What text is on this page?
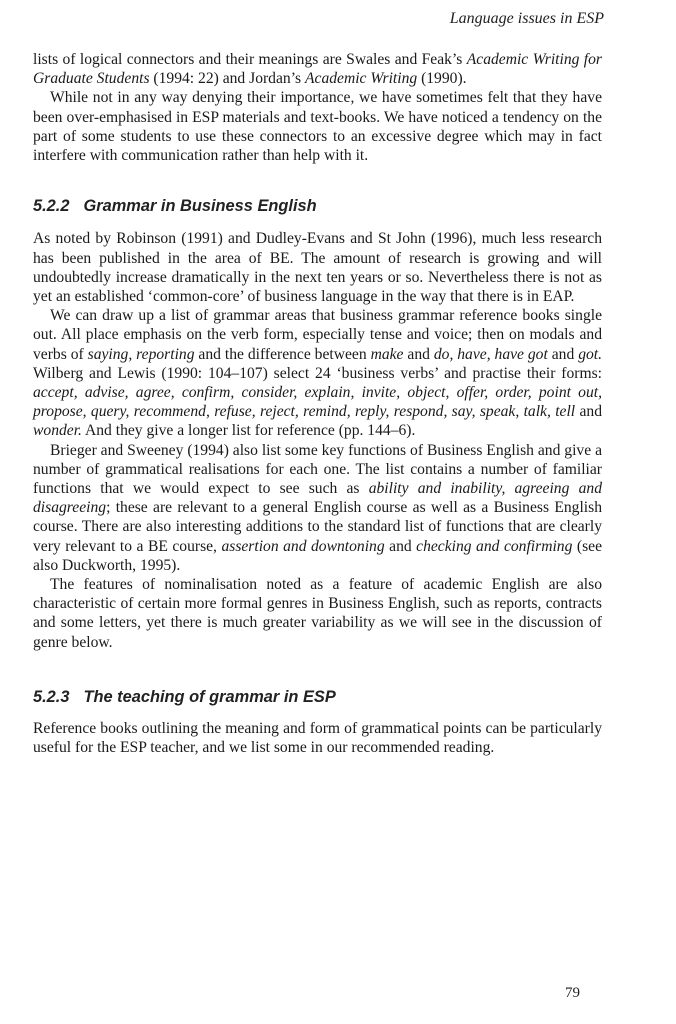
Language issues in ESP

lists of logical connectors and their meanings are Swales and Feak’s Academic Writing for Graduate Students (1994: 22) and Jordan’s Academic Writing (1990).

While not in any way denying their importance, we have sometimes felt that they have been over-emphasised in ESP materials and text-books. We have noticed a tendency on the part of some students to use these connectors to an excessive degree which may in fact interfere with communication rather than help with it.

5.2.2 Grammar in Business English

As noted by Robinson (1991) and Dudley-Evans and St John (1996), much less research has been published in the area of BE. The amount of research is growing and will undoubtedly increase dramatically in the next ten years or so. Nevertheless there is not as yet an established ‘common-core’ of business language in the way that there is in EAP.

We can draw up a list of grammar areas that business grammar reference books single out. All place emphasis on the verb form, especially tense and voice; then on modals and verbs of saying, reporting and the difference between make and do, have, have got and got. Wilberg and Lewis (1990: 104–107) select 24 ‘business verbs’ and practise their forms: accept, advise, agree, confirm, consider, explain, invite, object, offer, order, point out, propose, query, recommend, refuse, reject, remind, reply, respond, say, speak, talk, tell and wonder. And they give a longer list for reference (pp. 144–6).

Brieger and Sweeney (1994) also list some key functions of Business English and give a number of grammatical realisations for each one. The list contains a number of familiar functions that we would expect to see such as ability and inability, agreeing and disagreeing; these are relevant to a general English course as well as a Business English course. There are also interesting additions to the standard list of functions that are clearly very relevant to a BE course, assertion and downtoning and checking and confirming (see also Duckworth, 1995).

The features of nominalisation noted as a feature of academic English are also characteristic of certain more formal genres in Business English, such as reports, contracts and some letters, yet there is much greater variability as we will see in the discussion of genre below.

5.2.3 The teaching of grammar in ESP

Reference books outlining the meaning and form of grammatical points can be particularly useful for the ESP teacher, and we list some in our recommended reading.

79
